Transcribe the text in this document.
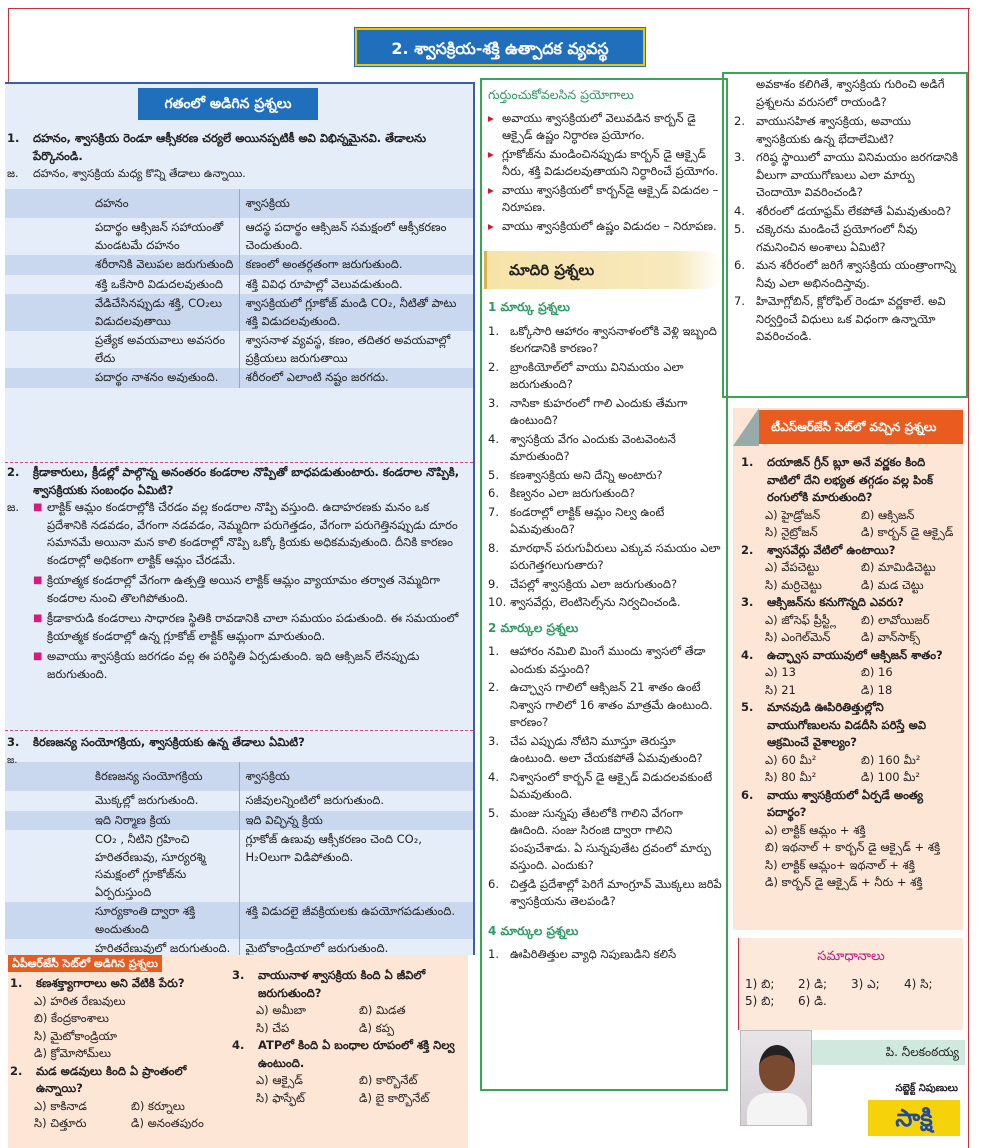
2. శ్వాసక్రియ-శక్తి ఉత్పాదక వ్యవస్థ
గతంలో అడిగిన ప్రశ్నలు
1.	దహనం, శ్వాసక్రియ రెండూ ఆక్సీకరణ చర్యలే అయినప్పటికీ అవి విభిన్నమైనవి. తేడాలను పేర్కొనండి.
జ.	దహనం, శ్వాసక్రియ మధ్య కొన్ని తేడాలు ఉన్నాయి.
దహనం	శ్వాసక్రియ
పదార్థం ఆక్సిజన్ సహాయంతో మండటమే దహనం	ఆదస్థ పదార్థం ఆక్సిజన్ సమక్షంలో ఆక్సీకరణం చెందుతుంది.
శరీరానికి వెలుపల జరుగుతుంది	కణంలో అంతర్గతంగా జరుగుతుంది.
శక్తి ఒకేసారి విడుదలవుతుంది	శక్తి వివిధ రూపాల్లో వెలువడుతుంది.
వేడిచేసినప్పుడు శక్తి, CO₂లు విడుదలవుతాయి	శ్వాసక్రియలో గ్లూకోజ్ మండి CO₂, నీటితో పాటు శక్తి విడుదలవుతుంది.
ప్రత్యేక అవయవాలు అవసరం లేదు	శ్వాసనాళ వ్యవస్థ, కణం, తదితర అవయవాల్లో ప్రక్రియలు జరుగుతాయి
పదార్థం నాశనం అవుతుంది.	శరీరంలో ఎలాంటి నష్టం జరగదు.
2.	క్రీడాకారులు, క్రీడల్లో పాల్గొన్న అనంతరం కండరాల నొప్పితో బాధపడుతుంటారు. కండరాల నొప్పికి, శ్వాసక్రియకు సంబంధం ఏమిటి?
జ. ■ లాక్టిక్ ఆమ్లం కండరాల్లోకి చేరడం వల్ల కండరాల నొప్పి వస్తుంది. ఉదాహరణకు మనం ఒక ప్రదేశానికి నడవడం, వేగంగా నడవడం, నెమ్మదిగా పరుగెత్తడం, వేగంగా పరుగెత్తినప్పుడు దూరం సమానమే అయినా మన కాలి కండరాల్లో నొప్పి ఒక్కో క్రియకు అధికమవుతుంది. దీనికి కారణం కండరాల్లో అధికంగా లాక్టిక్ ఆమ్లం చేరడమే.
■ క్రియాత్మక కండరాల్లో వేగంగా ఉత్పత్తి అయిన లాక్టిక్ ఆమ్లం వ్యాయామం తర్వాత నెమ్మదిగా కండరాల నుంచి తొలగిపోతుంది.
■ క్రీడాకారుడి కండరాలు సాధారణ స్థితికి రావడానికి చాలా సమయం పడుతుంది. ఈ సమయంలో క్రియాత్మక కండరాల్లో ఉన్న గ్లూకోజ్ లాక్టిక్ ఆమ్లంగా మారుతుంది.
■ అవాయు శ్వాసక్రియ జరగడం వల్ల ఈ పరిస్థితి ఏర్పడుతుంది. ఇది ఆక్సిజన్ లేనప్పుడు జరుగుతుంది.
3.	కిరణజన్య సంయోగక్రియ, శ్వాసక్రియకు ఉన్న తేడాలు ఏమిటి?
జ.
కిరణజన్య సంయోగక్రియ	శ్వాసక్రియ
మొక్కల్లో జరుగుతుంది.	సజీవులన్నింటిలో జరుగుతుంది.
ఇది నిర్మాణ క్రియ	ఇది విచ్ఛిన్న క్రియ
CO₂ , నీటిని గ్రహించి హరితరేణువు, సూర్యరశ్మి సమక్షంలో గ్లూకోజ్‌ను ఏర్పరుస్తుంది	గ్లూకోజ్ ఉణువు ఆక్సీకరణం చెంది CO₂, H₂Oలుగా విడిపోతుంది.
సూర్యకాంతి ద్వారా శక్తి అందుతుంది	శక్తి విడుదలై జీవక్రియలకు ఉపయోగపడుతుంది.
హరితరేణువులో జరుగుతుంది.	మైటోకాండ్రియాలో జరుగుతుంది.
ఏపీఆర్‌జేసీ సెట్‌లో అడిగిన ప్రశ్నలు
1.	కణశక్త్యాగారాలు అని వేటికి పేరు?
ఎ) హరిత రేణువులు
బి) కేంద్రకాంశాలు
సి) మైటోకాండ్రియా
డి) క్రోమోసోమ్‌లు
2.	మడ అడవులు కింది ఏ ప్రాంతంలో ఉన్నాయి?
ఎ) కాకినాడ	బి) కర్నూలు
సి) చిత్తూరు	డి) అనంతపురం
3.	వాయునాళ శ్వాసక్రియ కింది ఏ జీవిలో జరుగుతుంది?
ఎ) అమీబా	బి) మిడత
సి) చేప	డి) కప్ప
4.	ATPలో కింది ఏ బంధాల రూపంలో శక్తి నిల్వ ఉంటుంది.
ఎ) ఆక్సైడ్	బి) కార్బొనేట్
సి) ఫాస్ఫేట్	డి) బై కార్బొనేట్
గుర్తుంచుకోవలసిన ప్రయోగాలు
▸ అవాయు శ్వాసక్రియలో వెలువడిన కార్బన్ డై ఆక్సైడ్ ఉష్ణం నిర్ధారణ ప్రయోగం.
▸ గ్లూకోజ్‌ను మండించినప్పుడు కార్బన్ డై ఆక్సైడ్ నీరు, శక్తి విడుదలవుతాయని నిర్ధారించే ప్రయోగం.
▸ వాయు శ్వాసక్రియలో కార్బన్‌డై ఆక్సైడ్ విడుదల – నిరూపణ.
▸ వాయు శ్వాసక్రియలో ఉష్ణం విడుదల – నిరూపణ.
మాదిరి ప్రశ్నలు
1 మార్కు ప్రశ్నలు
1. ఒక్కోసారి ఆహారం శ్వాసనాళంలోకి వెళ్లి ఇబ్బంది కలగడానికి కారణం?
2. బ్రాంకియోల్‌లో వాయు వినిమయం ఎలా జరుగుతుంది?
3. నాసికా కుహరంలో గాలి ఎందుకు తేమగా ఉంటుంది?
4. శ్వాసక్రియ వేగం ఎందుకు వెంటవెంటనే మారుతుంది?
5. కణశ్వాసక్రియ అని దేన్ని అంటారు?
6. కిణ్వనం ఎలా జరుగుతుంది?
7. కండరాల్లో లాక్టిక్ ఆమ్లం నిల్వ ఉంటే ఏమవుతుంది?
8. మారథాన్ పరుగువీరులు ఎక్కువ సమయం ఎలా పరుగెత్తగలుగుతారు?
9. చేపల్లో శ్వాసక్రియ ఎలా జరుగుతుంది?
10. శ్వాసవేర్లు, లెంటిసెల్స్‌ను నిర్వచించండి.
2 మార్కుల ప్రశ్నలు
1. ఆహారం నమిలి మింగే ముందు శ్వాసలో తేడా ఎందుకు వస్తుంది?
2. ఉచ్ఛ్వాస గాలిలో ఆక్సిజన్ 21 శాతం ఉంటే నిశ్వాస గాలిలో 16 శాతం మాత్రమే ఉంటుంది. కారణం?
3. చేప ఎప్పుడు నోటిని మూస్తూ తెరుస్తూ ఉంటుంది. అలా చేయకపోతే ఏమవుతుంది?
4. నిశ్వాసంలో కార్బన్ డై ఆక్సైడ్ విడుదలవకుంటే ఏమవుతుంది.
5. మంజు సున్నపు తేటలోకి గాలిని వేగంగా ఊదింది. సంజు సిరంజి ద్వారా గాలిని పంపుచేశాడు. ఏ సున్నపుతేట ద్రవంలో మార్పు వస్తుంది. ఎందుకు?
6. చిత్తడి ప్రదేశాల్లో పెరిగే మాంగ్రూవ్ మొక్కలు జరిపే శ్వాసక్రియను తెలపండి?
4 మార్కుల ప్రశ్నలు
1. ఊపిరితిత్తుల వ్యాధి నిపుణుడిని కలిసే
అవకాశం కలిగితే, శ్వాసక్రియ గురించి అడిగే ప్రశ్నలను వరుసలో రాయండి?
2. వాయుసహిత శ్వాసక్రియ, అవాయు శ్వాసక్రియకు ఉన్న భేదాలేమిటి?
3. గరిష్ఠ స్థాయిలో వాయు వినిమయం జరగడానికి వీలుగా వాయుగోణులు ఎలా మార్పు చెందాయో వివరించండి?
4. శరీరంలో డయాఫ్రమ్ లేకపోతే ఏమవుతుంది?
5. చక్కెరను మండించే ప్రయోగంలో నీవు గమనించిన అంశాలు ఏమిటి?
6. మన శరీరంలో జరిగే శ్వాసక్రియ యంత్రాంగాన్ని నీవు ఎలా అభినందిస్తావు.
7. హిమోగ్లోబిన్, క్లోరోఫిల్ రెండూ వర్ణకాలే. అవి నిర్వర్తించే విధులు ఒక విధంగా ఉన్నాయో వివరించండి.
టీఎస్‌ఆర్‌జేసీ సెట్‌లో వచ్చిన ప్రశ్నలు
1.	దయాజిన్ గ్రీన్ బ్లూ అనే వర్ణకం కింది వాటిలో దేని లభ్యత తగ్గడం వల్ల పింక్ రంగులోకి మారుతుంది?
ఎ) హైడ్రోజన్	బి) ఆక్సిజన్
సి) నైట్రోజన్	డి) కార్బన్ డై ఆక్సైడ్
2.	శ్వాసవేర్లు వేటిలో ఉంటాయి?
ఎ) వేపచెట్టు	బి) మామిడిచెట్టు
సి) మర్రిచెట్టు	డి) మడ చెట్టు
3.	ఆక్సిజన్‌ను కనుగొన్నది ఎవరు?
ఎ) జోసెఫ్ ప్రీస్ట్లీ	బి) లావోయిజర్
సి) ఎంగెల్‌మెన్	డి) వాన్‌సాక్స్
4.	ఉచ్ఛ్వాస వాయువులో ఆక్సిజన్ శాతం?
ఎ) 13	బి) 16
సి) 21	డి) 18
5.	మానవుడి ఊపిరితిత్తుల్లోని వాయుగోణులను విడదీసి పరిస్తే అవి ఆక్రమించే వైశాల్యం?
ఎ) 60 మీ²	బి) 160 మీ²
సి) 80 మీ²	డి) 100 మీ²
6.	వాయు శ్వాసక్రియలో ఏర్పడే అంత్య పదార్థం?
ఎ) లాక్టిక్ ఆమ్లం + శక్తి
బి) ఇథనాల్ + కార్బన్ డై ఆక్సైడ్ + శక్తి
సి) లాక్టిక్ ఆమ్లం+ ఇథనాల్ + శక్తి
డి) కార్బన్ డై ఆక్సైడ్ + నీరు + శక్తి
సమాధానాలు
1) బి;	2) డి;	3) ఎ;	4) సి;
5) బి;	6) డి.
పి. నీలకంఠయ్య
సబ్జెక్ట్ నిపుణులు
సాక్షి
